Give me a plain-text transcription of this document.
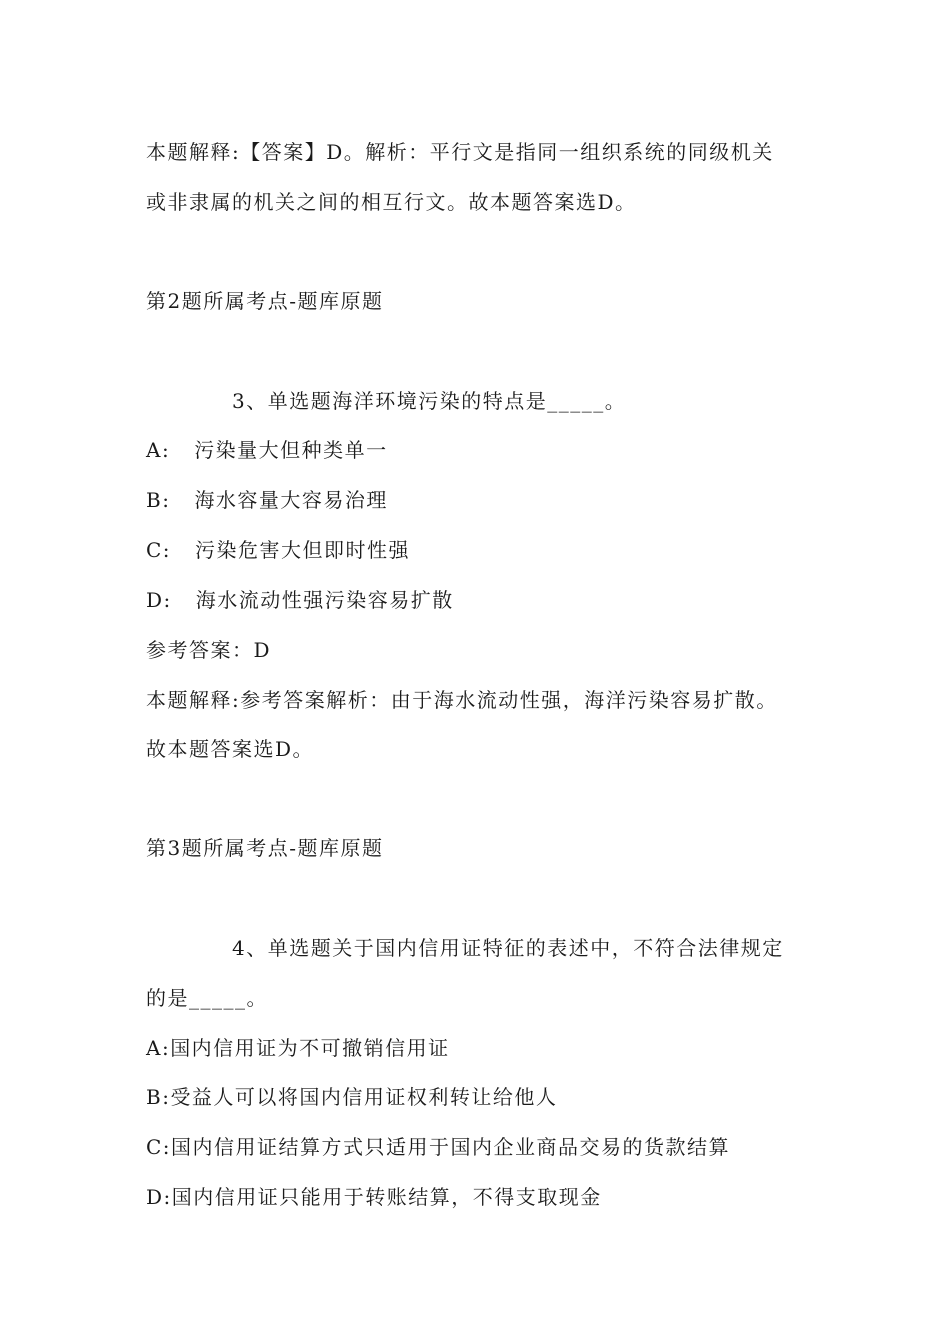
本题解释:【答案】D。解析：平行文是指同一组织系统的同级机关
或非隶属的机关之间的相互行文。故本题答案选D。
第2题所属考点-题库原题
3、单选题海洋环境污染的特点是_____。
A: 污染量大但种类单一
B: 海水容量大容易治理
C: 污染危害大但即时性强
D: 海水流动性强污染容易扩散
参考答案：D
本题解释:参考答案解析：由于海水流动性强，海洋污染容易扩散。
故本题答案选D。
第3题所属考点-题库原题
4、单选题关于国内信用证特征的表述中，不符合法律规定
的是_____。
A:国内信用证为不可撤销信用证
B:受益人可以将国内信用证权利转让给他人
C:国内信用证结算方式只适用于国内企业商品交易的货款结算
D:国内信用证只能用于转账结算，不得支取现金
